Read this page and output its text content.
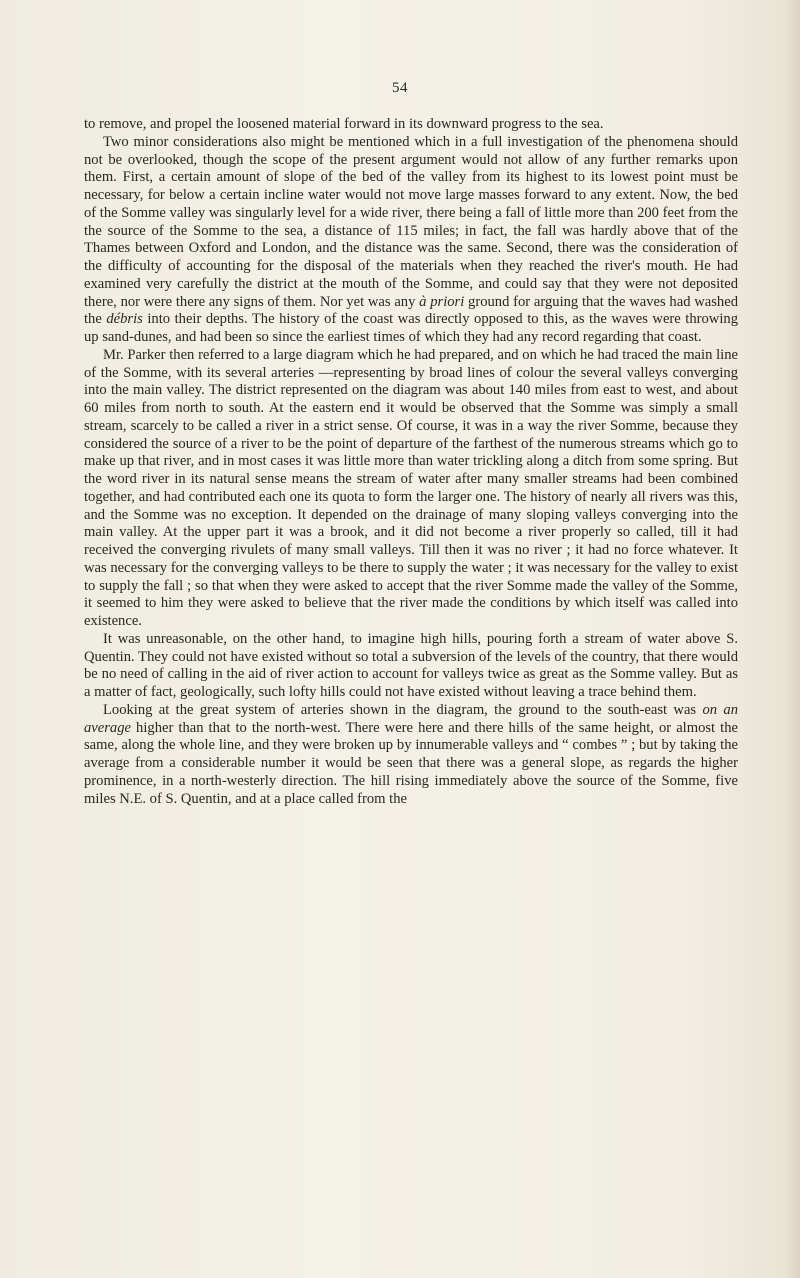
54

to remove, and propel the loosened material forward in its downward progress to the sea.

Two minor considerations also might be mentioned which in a full investigation of the phenomena should not be overlooked, though the scope of the present argument would not allow of any further remarks upon them. First, a certain amount of slope of the bed of the valley from its highest to its lowest point must be necessary, for below a certain incline water would not move large masses forward to any extent. Now, the bed of the Somme valley was singularly level for a wide river, there being a fall of little more than 200 feet from the the source of the Somme to the sea, a distance of 115 miles; in fact, the fall was hardly above that of the Thames between Oxford and London, and the distance was the same. Second, there was the consideration of the difficulty of accounting for the disposal of the materials when they reached the river's mouth. He had examined very carefully the district at the mouth of the Somme, and could say that they were not deposited there, nor were there any signs of them. Nor yet was any à priori ground for arguing that the waves had washed the débris into their depths. The history of the coast was directly opposed to this, as the waves were throwing up sand-dunes, and had been so since the earliest times of which they had any record regarding that coast.

Mr. Parker then referred to a large diagram which he had prepared, and on which he had traced the main line of the Somme, with its several arteries —representing by broad lines of colour the several valleys converging into the main valley. The district represented on the diagram was about 140 miles from east to west, and about 60 miles from north to south. At the eastern end it would be observed that the Somme was simply a small stream, scarcely to be called a river in a strict sense. Of course, it was in a way the river Somme, because they considered the source of a river to be the point of departure of the farthest of the numerous streams which go to make up that river, and in most cases it was little more than water trickling along a ditch from some spring. But the word river in its natural sense means the stream of water after many smaller streams had been combined together, and had contributed each one its quota to form the larger one. The history of nearly all rivers was this, and the Somme was no exception. It depended on the drainage of many sloping valleys converging into the main valley. At the upper part it was a brook, and it did not become a river properly so called, till it had received the converging rivulets of many small valleys. Till then it was no river ; it had no force whatever. It was necessary for the converging valleys to be there to supply the water ; it was necessary for the valley to exist to supply the fall ; so that when they were asked to accept that the river Somme made the valley of the Somme, it seemed to him they were asked to believe that the river made the conditions by which itself was called into existence.

It was unreasonable, on the other hand, to imagine high hills, pouring forth a stream of water above S. Quentin. They could not have existed without so total a subversion of the levels of the country, that there would be no need of calling in the aid of river action to account for valleys twice as great as the Somme valley. But as a matter of fact, geologically, such lofty hills could not have existed without leaving a trace behind them.

Looking at the great system of arteries shown in the diagram, the ground to the south-east was on an average higher than that to the north-west. There were here and there hills of the same height, or almost the same, along the whole line, and they were broken up by innumerable valleys and “ combes ” ; but by taking the average from a considerable number it would be seen that there was a general slope, as regards the higher prominence, in a north-westerly direction. The hill rising immediately above the source of the Somme, five miles N.E. of S. Quentin, and at a place called from the
